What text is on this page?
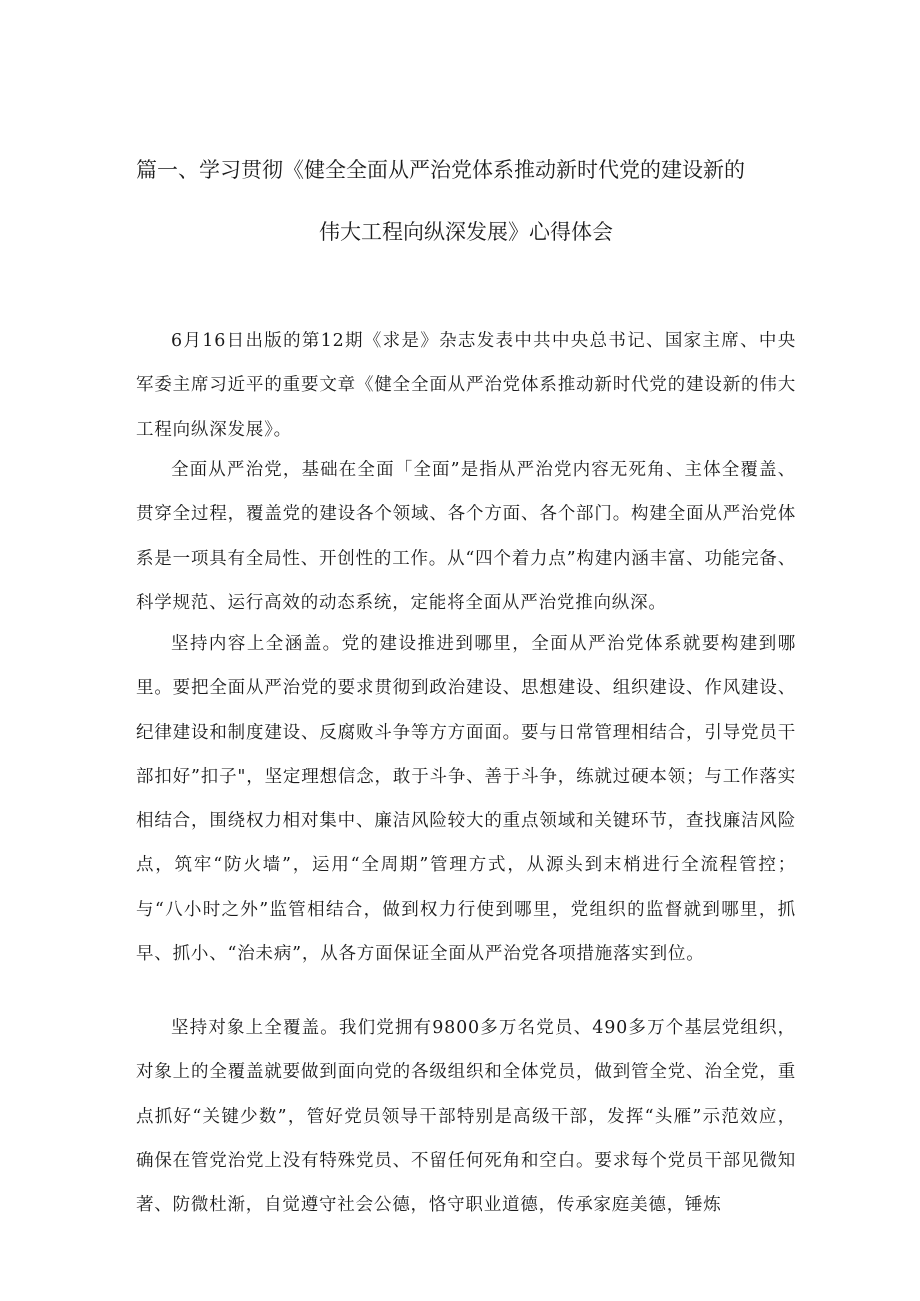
篇一、学习贯彻《健全全面从严治党体系推动新时代党的建设新的
伟大工程向纵深发展》心得体会

6月16日出版的第12期《求是》杂志发表中共中央总书记、国家主席、中央军委主席习近平的重要文章《健全全面从严治党体系推动新时代党的建设新的伟大工程向纵深发展》。

全面从严治党，基础在全面「全面”是指从严治党内容无死角、主体全覆盖、贯穿全过程，覆盖党的建设各个领域、各个方面、各个部门。构建全面从严治党体系是一项具有全局性、开创性的工作。从“四个着力点”构建内涵丰富、功能完备、科学规范、运行高效的动态系统，定能将全面从严治党推向纵深。

坚持内容上全涵盖。党的建设推进到哪里，全面从严治党体系就要构建到哪里。要把全面从严治党的要求贯彻到政治建设、思想建设、组织建设、作风建设、纪律建设和制度建设、反腐败斗争等方方面面。要与日常管理相结合，引导党员干部扣好”扣子"，坚定理想信念，敢于斗争、善于斗争，练就过硬本领；与工作落实相结合，围绕权力相对集中、廉洁风险较大的重点领域和关键环节，查找廉洁风险点，筑牢“防火墙”，运用“全周期”管理方式，从源头到末梢进行全流程管控；与“八小时之外”监管相结合，做到权力行使到哪里，党组织的监督就到哪里，抓早、抓小、“治未病”，从各方面保证全面从严治党各项措施落实到位。

坚持对象上全覆盖。我们党拥有9800多万名党员、490多万个基层党组织，对象上的全覆盖就要做到面向党的各级组织和全体党员，做到管全党、治全党，重点抓好“关键少数”，管好党员领导干部特别是高级干部，发挥“头雁”示范效应，确保在管党治党上没有特殊党员、不留任何死角和空白。要求每个党员干部见微知著、防微杜渐，自觉遵守社会公德，恪守职业道德，传承家庭美德，锤炼
